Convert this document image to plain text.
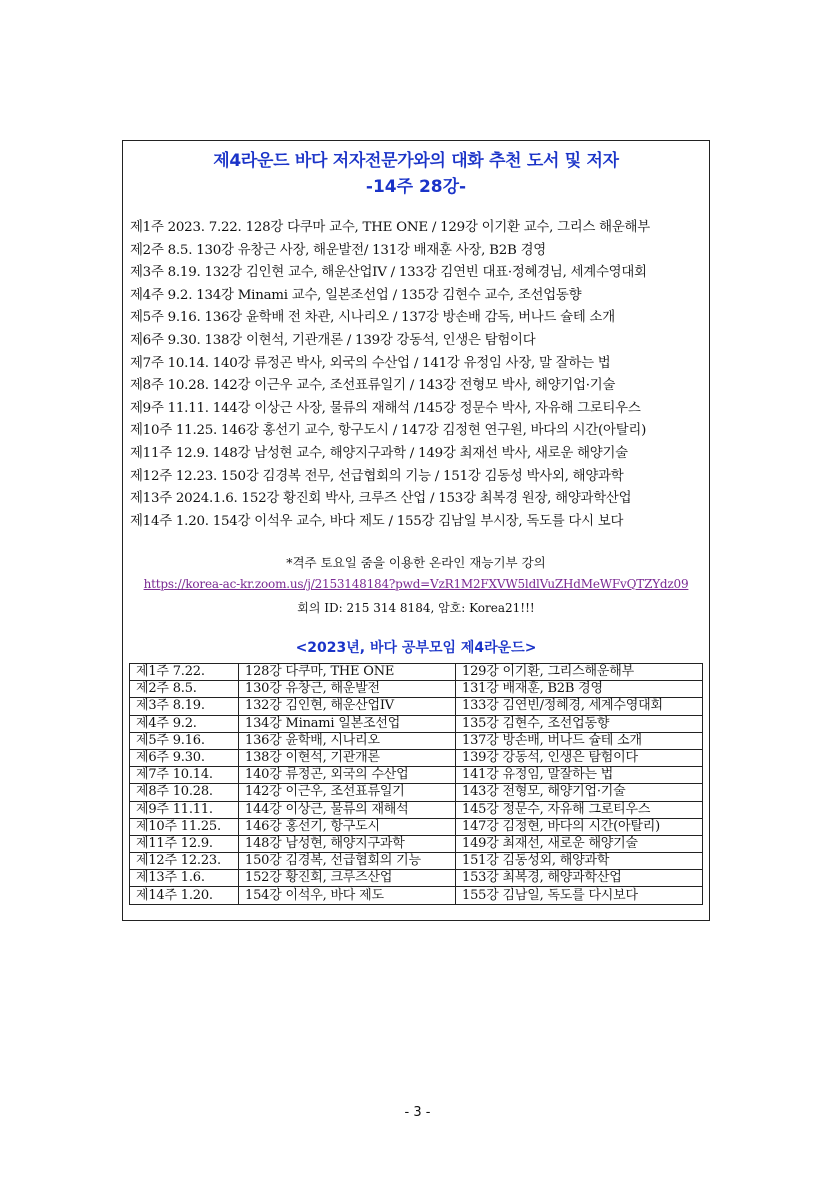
제4라운드 바다 저자전문가와의 대화 추천 도서 및 저자
-14주 28강-
제1주 2023. 7.22. 128강 다쿠마 교수, THE ONE / 129강 이기환 교수, 그리스 해운해부
제2주 8.5. 130강 유창근 사장, 해운발전/ 131강 배재훈 사장, B2B 경영
제3주 8.19. 132강 김인현 교수, 해운산업IV / 133강 김연빈 대표·정혜경님, 세계수영대회
제4주 9.2. 134강 Minami 교수, 일본조선업 / 135강 김현수 교수, 조선업동향
제5주 9.16. 136강 윤학배 전 차관, 시나리오 / 137강 방손배 감독, 버나드 슐테 소개
제6주 9.30. 138강 이현석, 기관개론 / 139강 강동석, 인생은 탐험이다
제7주 10.14. 140강 류정곤 박사, 외국의 수산업 / 141강 유정임 사장, 말 잘하는 법
제8주 10.28. 142강 이근우 교수, 조선표류일기 / 143강 전형모 박사, 해양기업·기술
제9주 11.11. 144강 이상근 사장, 물류의 재해석 /145강 정문수 박사, 자유해 그로티우스
제10주 11.25. 146강 홍선기 교수, 항구도시 / 147강 김정현 연구원, 바다의 시간(아탈리)
제11주 12.9. 148강 남성현 교수, 해양지구과학 / 149강 최재선 박사, 새로운 해양기술
제12주 12.23. 150강 김경복 전무, 선급협회의 기능 / 151강 김동성 박사외, 해양과학
제13주 2024.1.6. 152강 황진회 박사, 크루즈 산업 / 153강 최복경 원장, 해양과학산업
제14주 1.20. 154강 이석우 교수, 바다 제도 / 155강 김남일 부시장, 독도를 다시 보다
*격주 토요일 줌을 이용한 온라인 재능기부 강의
https://korea-ac-kr.zoom.us/j/2153148184?pwd=VzR1M2FXVW5ldlVuZHdMeWFvQTZYdz09
회의 ID: 215 314 8184, 암호: Korea21!!!
<2023년, 바다 공부모임 제4라운드>
제1주 7.22.	128강 다쿠마, THE ONE	129강 이기환, 그리스해운해부
제2주 8.5.	130강 유창근, 해운발전	131강 배재훈, B2B 경영
제3주 8.19.	132강 김인현, 해운산업IV	133강 김연빈/정혜경, 세계수영대회
제4주 9.2.	134강 Minami 일본조선업	135강 김현수, 조선업동향
제5주 9.16.	136강 윤학배, 시나리오	137강 방손배, 버나드 슐테 소개
제6주 9.30.	138강 이현석, 기관개론	139강 강동석, 인생은 탐험이다
제7주 10.14.	140강 류정곤, 외국의 수산업	141강 유정임, 말잘하는 법
제8주 10.28.	142강 이근우, 조선표류일기	143강 전형모, 해양기업·기술
제9주 11.11.	144강 이상근, 물류의 재해석	145강 정문수, 자유해 그로티우스
제10주 11.25.	146강 홍선기, 항구도시	147강 김정현, 바다의 시간(아탈리)
제11주 12.9.	148강 남성현, 해양지구과학	149강 최재선, 새로운 해양기술
제12주 12.23.	150강 김경복, 선급협회의 기능	151강 김동성외, 해양과학
제13주 1.6.	152강 황진회, 크루즈산업	153강 최복경, 해양과학산업
제14주 1.20.	154강 이석우, 바다 제도	155강 김남일, 독도를 다시보다
- 3 -
